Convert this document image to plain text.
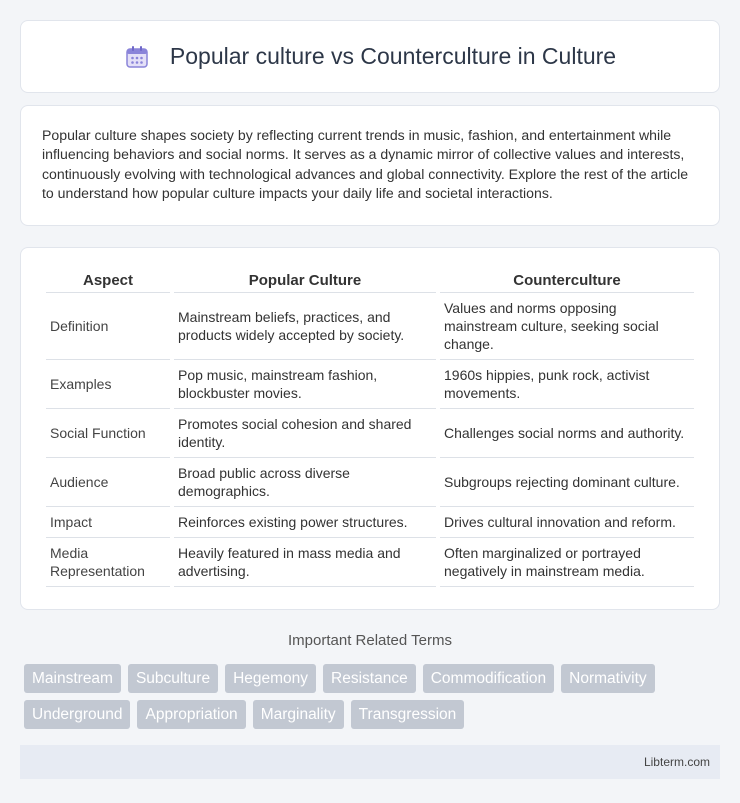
Popular culture vs Counterculture in Culture

Popular culture shapes society by reflecting current trends in music, fashion, and entertainment while influencing behaviors and social norms. It serves as a dynamic mirror of collective values and interests, continuously evolving with technological advances and global connectivity. Explore the rest of the article to understand how popular culture impacts your daily life and societal interactions.

Aspect	Popular Culture	Counterculture
Definition	Mainstream beliefs, practices, and products widely accepted by society.	Values and norms opposing mainstream culture, seeking social change.
Examples	Pop music, mainstream fashion, blockbuster movies.	1960s hippies, punk rock, activist movements.
Social Function	Promotes social cohesion and shared identity.	Challenges social norms and authority.
Audience	Broad public across diverse demographics.	Subgroups rejecting dominant culture.
Impact	Reinforces existing power structures.	Drives cultural innovation and reform.
Media Representation	Heavily featured in mass media and advertising.	Often marginalized or portrayed negatively in mainstream media.
Important Related Terms
Mainstream	Subculture	Hegemony	Resistance	Commodification	Normativity
Underground	Appropriation	Marginality	Transgression
Libterm.com
